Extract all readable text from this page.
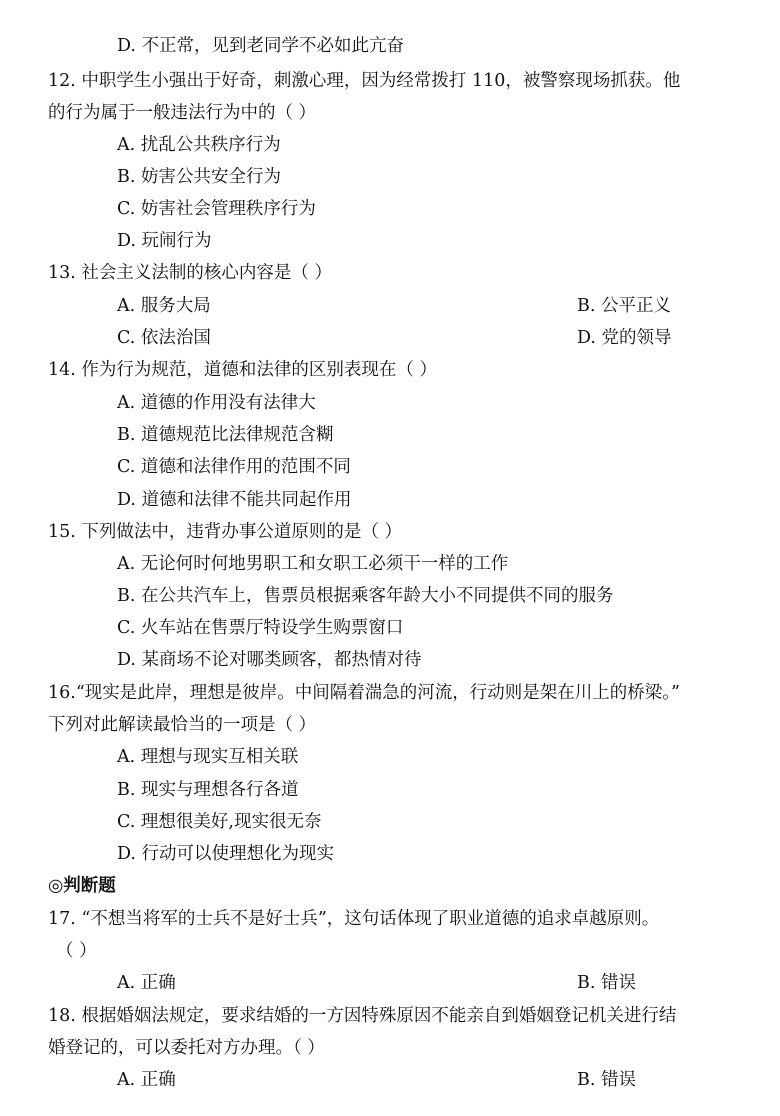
D. 不正常，见到老同学不必如此亢奋
12. 中职学生小强出于好奇，刺激心理，因为经常拨打 110，被警察现场抓获。他
的行为属于一般违法行为中的（ ）
A. 扰乱公共秩序行为
B. 妨害公共安全行为
C. 妨害社会管理秩序行为
D. 玩闹行为
13. 社会主义法制的核心内容是（ ）
A. 服务大局	B. 公平正义
C. 依法治国	D. 党的领导
14. 作为行为规范，道德和法律的区别表现在（ ）
A. 道德的作用没有法律大
B. 道德规范比法律规范含糊
C. 道德和法律作用的范围不同
D. 道德和法律不能共同起作用
15. 下列做法中，违背办事公道原则的是（ ）
A. 无论何时何地男职工和女职工必须干一样的工作
B. 在公共汽车上，售票员根据乘客年龄大小不同提供不同的服务
C. 火车站在售票厅特设学生购票窗口
D. 某商场不论对哪类顾客，都热情对待
16.“现实是此岸，理想是彼岸。中间隔着湍急的河流，行动则是架在川上的桥梁。”
下列对此解读最恰当的一项是（ ）
A. 理想与现实互相关联
B. 现实与理想各行各道
C. 理想很美好,现实很无奈
D. 行动可以使理想化为现实
◎判断题
17. “不想当将军的士兵不是好士兵”，这句话体现了职业道德的追求卓越原则。
（ ）
A. 正确	B. 错误
18. 根据婚姻法规定，要求结婚的一方因特殊原因不能亲自到婚姻登记机关进行结
婚登记的，可以委托对方办理。（ ）
A. 正确	B. 错误
